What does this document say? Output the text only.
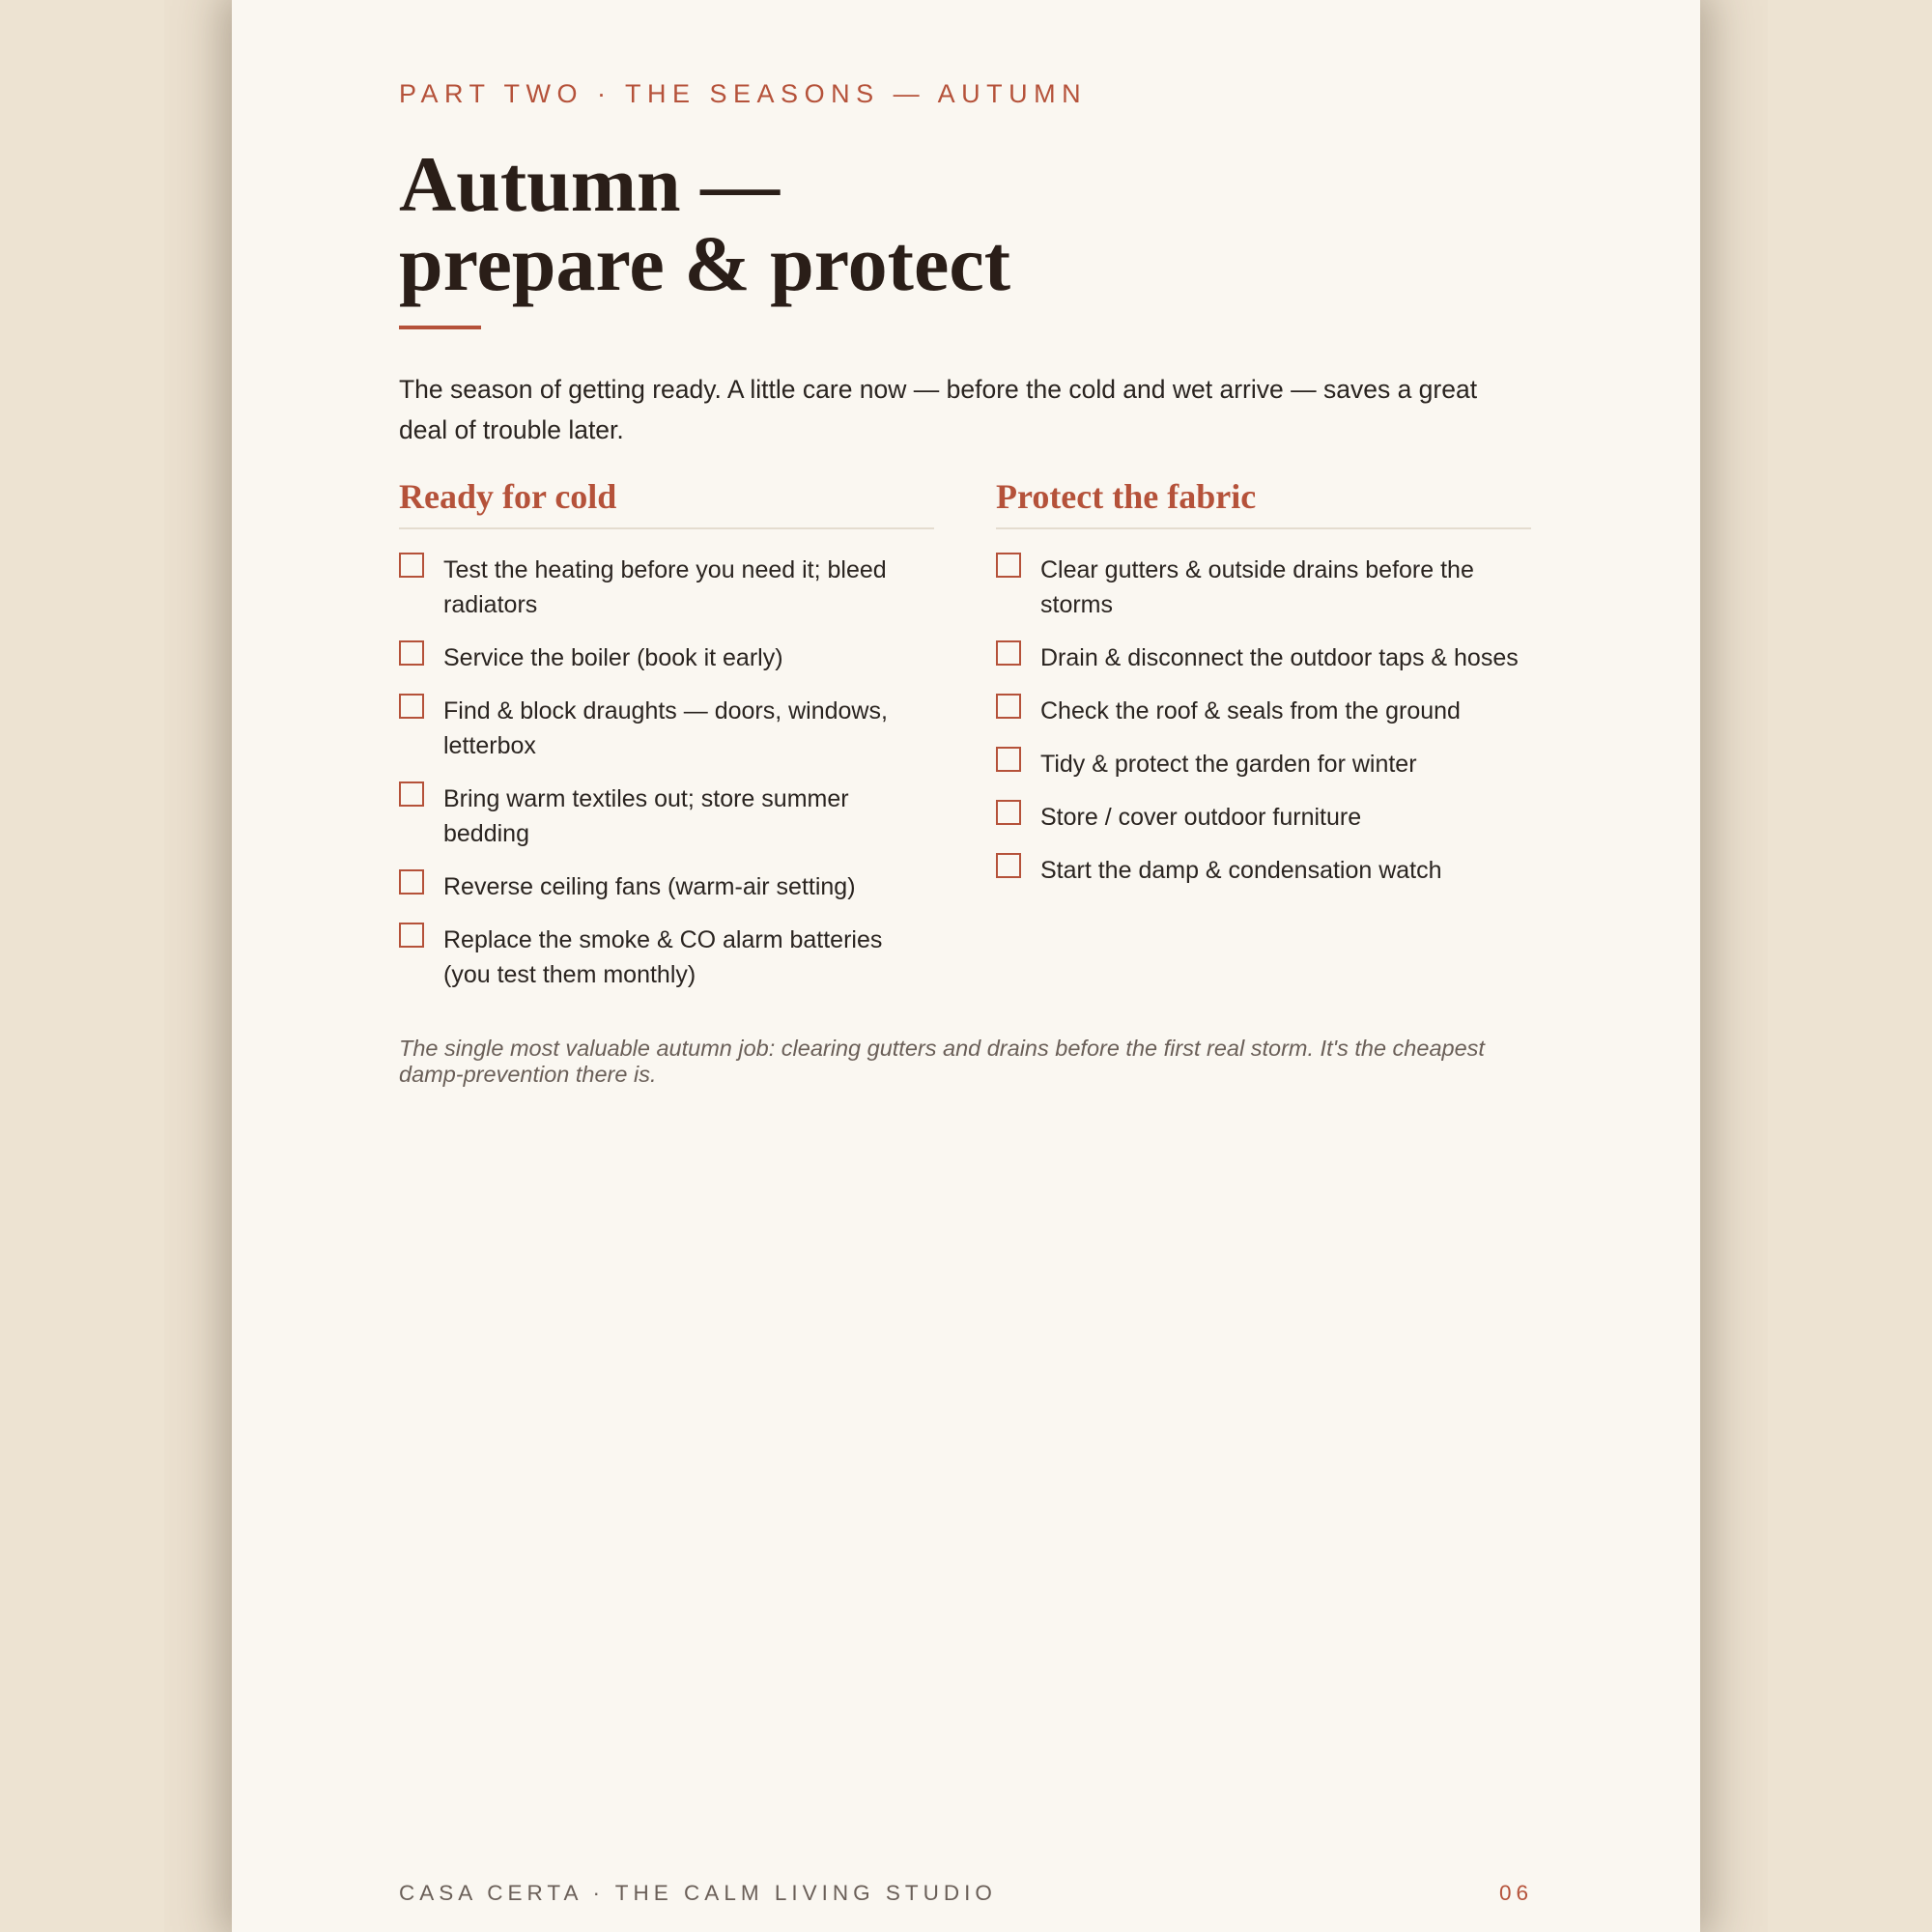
PART TWO · THE SEASONS — AUTUMN
Autumn —
prepare & protect

The season of getting ready. A little care now — before the cold and wet arrive — saves a great deal of trouble later.

Ready for cold
Test the heating before you need it; bleed radiators
Service the boiler (book it early)
Find & block draughts — doors, windows, letterbox
Bring warm textiles out; store summer bedding
Reverse ceiling fans (warm-air setting)
Replace the smoke & CO alarm batteries (you test them monthly)
Protect the fabric
Clear gutters & outside drains before the storms
Drain & disconnect the outdoor taps & hoses
Check the roof & seals from the ground
Tidy & protect the garden for winter
Store / cover outdoor furniture
Start the damp & condensation watch

The single most valuable autumn job: clearing gutters and drains before the first real storm. It's the cheapest damp-prevention there is.

CASA CERTA · THE CALM LIVING STUDIO	06
